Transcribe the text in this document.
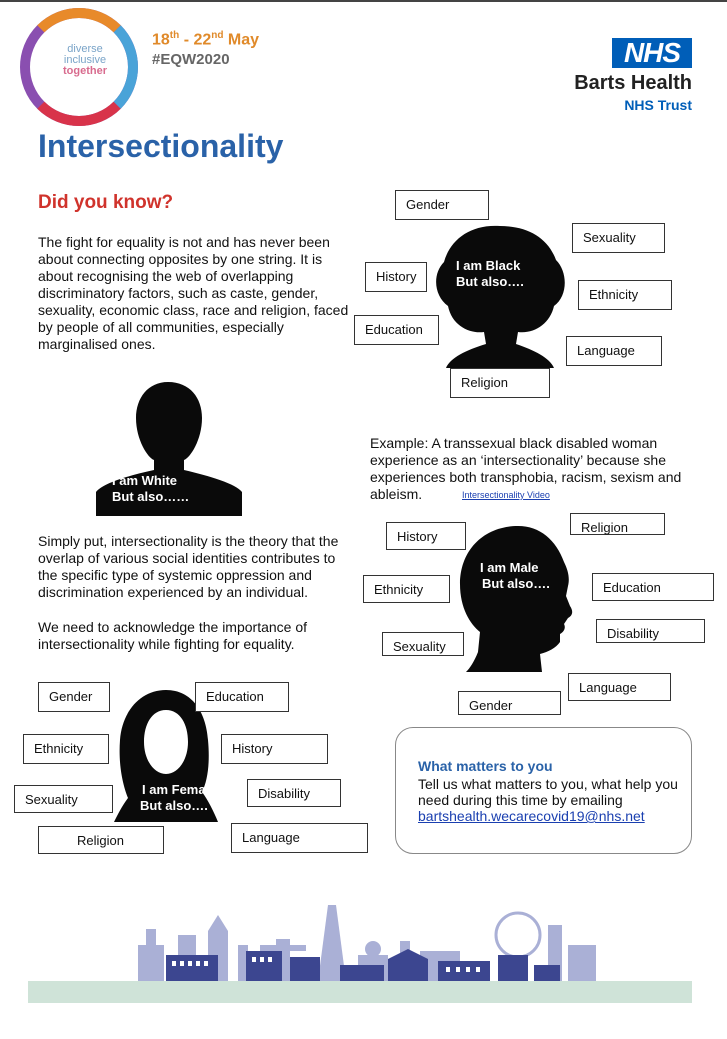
diverse
inclusive
together
18th - 22nd May
#EQW2020	NHS
Barts Health
NHS Trust
Intersectionality
Did you know?
The fight for equality is not and has never been about connecting opposites by one string. It is about recognising the web of overlapping discriminatory factors, such as caste, gender, sexuality, economic class, race and religion, faced by people of all communities, especially marginalised ones.
I am Black
But also….
Gender
Sexuality
History
Ethnicity
Education
Language
Religion
I am White
But also……
Example: A transsexual black disabled woman experience as an ‘intersectionality’ because she experiences both transphobia, racism, sexism and ableism.	Intersectionality Video
Simply put, intersectionality is the theory that the overlap of various social identities contributes to the specific type of systemic oppression and discrimination experienced by an individual.
We need to acknowledge the importance of intersectionality while fighting for equality.
I am Male
But also….
History
Religion
Ethnicity	Education
Sexuality
Disability
Language
Gender
I am Female
But also….
Gender	Education
Ethnicity	History
Sexuality	Disability
Religion	Language
What matters to you
Tell us what matters to you, what help you need during this time by emailing
bartshealth.wecarecovid19@nhs.net
